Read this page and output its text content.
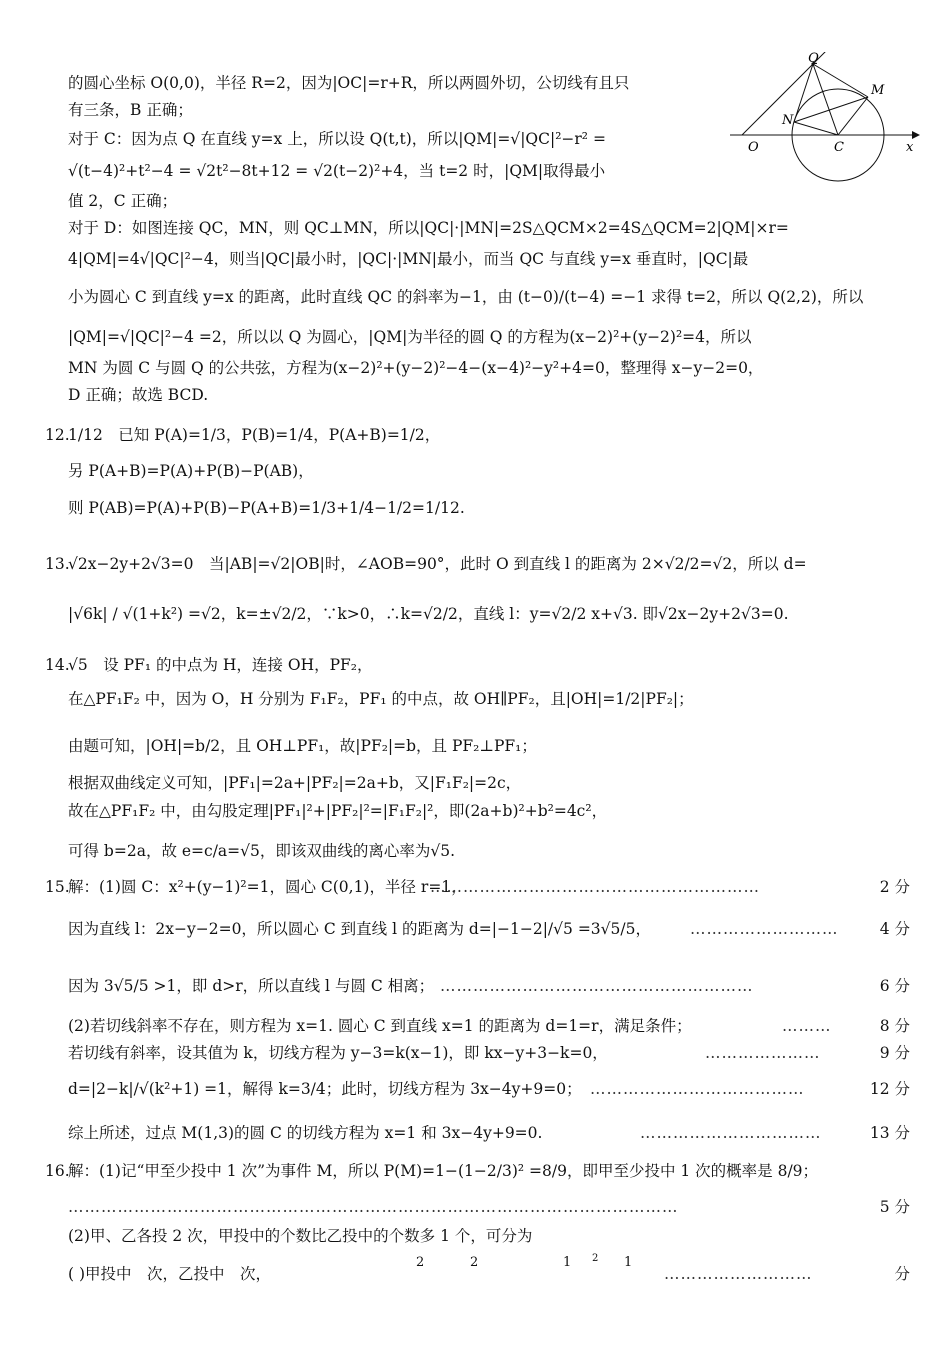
Q
M
N
O	C	x
的圆心坐标 O(0,0)，半径 R=2，因为|OC|=r+R，所以两圆外切，公切线有且只
有三条，B 正确；
对于 C：因为点 Q 在直线 y=x 上，所以设 Q(t,t)，所以|QM|=√|QC|²−r² =
√(t−4)²+t²−4 = √2t²−8t+12 = √2(t−2)²+4，当 t=2 时，|QM|取得最小
值 2，C 正确；
对于 D：如图连接 QC，MN，则 QC⊥MN，所以|QC|·|MN|=2S△QCM×2=4S△QCM=2|QM|×r=
4|QM|=4√|QC|²−4，则当|QC|最小时，|QC|·|MN|最小，而当 QC 与直线 y=x 垂直时，|QC|最
小为圆心 C 到直线 y=x 的距离，此时直线 QC 的斜率为−1，由 (t−0)/(t−4) =−1 求得 t=2，所以 Q(2,2)，所以
|QM|=√|QC|²−4 =2，所以以 Q 为圆心，|QM|为半径的圆 Q 的方程为(x−2)²+(y−2)²=4，所以
MN 为圆 C 与圆 Q 的公共弦，方程为(x−2)²+(y−2)²−4−(x−4)²−y²+4=0，整理得 x−y−2=0，
D 正确；故选 BCD.
12.
1/12　已知 P(A)=1/3，P(B)=1/4，P(A+B)=1/2，
另 P(A+B)=P(A)+P(B)−P(AB)，
则 P(AB)=P(A)+P(B)−P(A+B)=1/3+1/4−1/2=1/12.
13.
√2x−2y+2√3=0　当|AB|=√2|OB|时，∠AOB=90°，此时 O 到直线 l 的距离为 2×√2/2=√2，所以 d=
|√6k| / √(1+k²) =√2，k=±√2/2，∵k>0，∴k=√2/2，直线 l：y=√2/2 x+√3. 即√2x−2y+2√3=0.
14.
√5　设 PF₁ 的中点为 H，连接 OH，PF₂，
在△PF₁F₂ 中，因为 O，H 分别为 F₁F₂，PF₁ 的中点，故 OH∥PF₂，且|OH|=1/2|PF₂|；
由题可知，|OH|=b/2，且 OH⊥PF₁，故|PF₂|=b，且 PF₂⊥PF₁；
根据双曲线定义可知，|PF₁|=2a+|PF₂|=2a+b，又|F₁F₂|=2c，
故在△PF₁F₂ 中，由勾股定理|PF₁|²+|PF₂|²=|F₁F₂|²，即(2a+b)²+b²=4c²，
可得 b=2a，故 e=c/a=√5，即该双曲线的离心率为√5.
15.
解：(1)圆 C：x²+(y−1)²=1，圆心 C(0,1)，半径 r=1，
……………………………………………………	2 分
因为直线 l：2x−y−2=0，所以圆心 C 到直线 l 的距离为 d=|−1−2|/√5 =3√5/5，	………………………	4 分
因为 3√5/5 >1，即 d>r，所以直线 l 与圆 C 相离； …………………………………………………	6 分
(2)若切线斜率不存在，则方程为 x=1. 圆心 C 到直线 x=1 的距离为 d=1=r，满足条件；	………	8 分
若切线有斜率，设其值为 k，切线方程为 y−3=k(x−1)，即 kx−y+3−k=0，	…………………	9 分
d=|2−k|/√(k²+1) =1，解得 k=3/4；此时，切线方程为 3x−4y+9=0； …………………………………	12 分
综上所述，过点 M(1,3)的圆 C 的切线方程为 x=1 和 3x−4y+9=0.	……………………………	13 分
16.
解：(1)记“甲至少投中 1 次”为事件 M，所以 P(M)=1−(1−2/3)² =8/9，即甲至少投中 1 次的概率是 8/9；
…………………………………………………………………………………………………	5 分
(2)甲、乙各投 2 次，甲投中的个数比乙投中的个数多 1 个，可分为
( )甲投中　次，乙投中　次，
2	2	1 2 1
………………………	分
